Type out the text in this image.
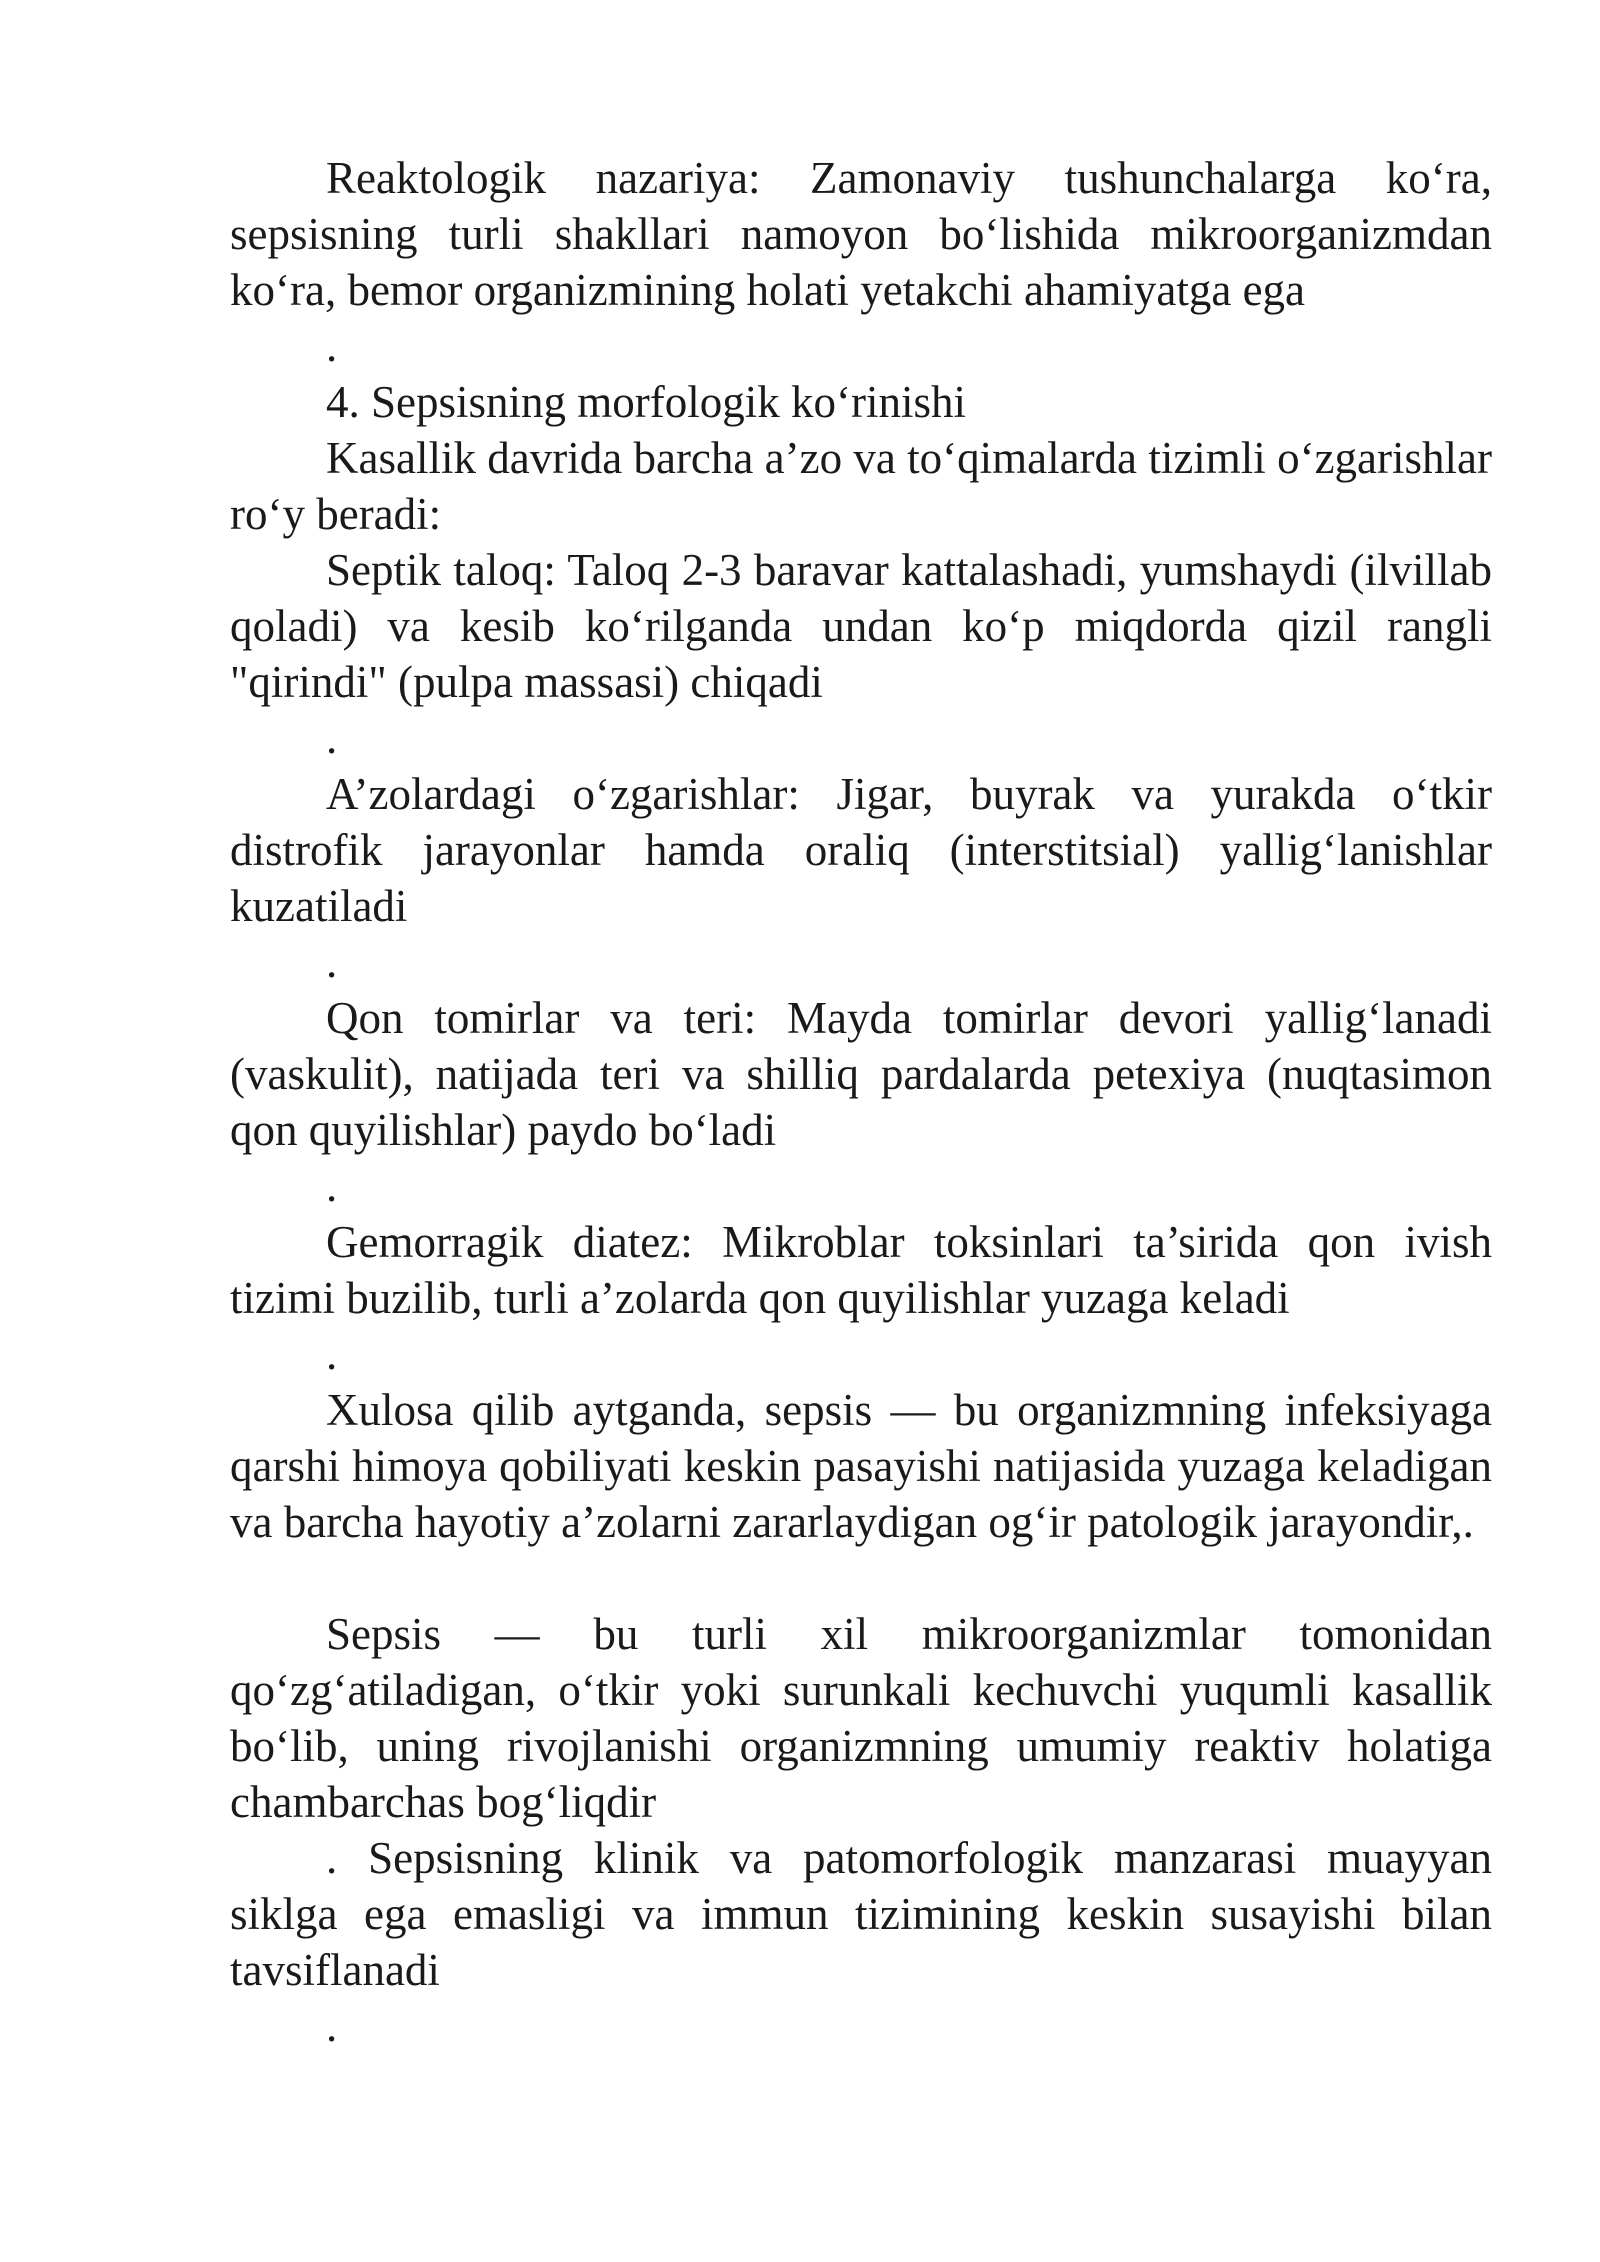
Reaktologik nazariya: Zamonaviy tushunchalarga ko‘ra, sepsisning turli shakllari namoyon bo‘lishida mikroorganizmdan ko‘ra, bemor organizmining holati yetakchi ahamiyatga ega

.

4. Sepsisning morfologik ko‘rinishi

Kasallik davrida barcha a’zo va to‘qimalarda tizimli o‘zgarishlar ro‘y beradi:

Septik taloq: Taloq 2-3 baravar kattalashadi, yumshaydi (ilvillab qoladi) va kesib ko‘rilganda undan ko‘p miqdorda qizil rangli "qirindi" (pulpa massasi) chiqadi

.

A’zolardagi o‘zgarishlar: Jigar, buyrak va yurakda o‘tkir distrofik jarayonlar hamda oraliq (interstitsial) yallig‘lanishlar kuzatiladi

.

Qon tomirlar va teri: Mayda tomirlar devori yallig‘lanadi (vaskulit), natijada teri va shilliq pardalarda petexiya (nuqtasimon qon quyilishlar) paydo bo‘ladi

.

Gemorragik diatez: Mikroblar toksinlari ta’sirida qon ivish tizimi buzilib, turli a’zolarda qon quyilishlar yuzaga keladi

.

Xulosa qilib aytganda, sepsis — bu organizmning infeksiyaga qarshi himoya qobiliyati keskin pasayishi natijasida yuzaga keladigan va barcha hayotiy a’zolarni zararlaydigan og‘ir patologik jarayondir,.

Sepsis — bu turli xil mikroorganizmlar tomonidan qo‘zg‘atiladigan, o‘tkir yoki surunkali kechuvchi yuqumli kasallik bo‘lib, uning rivojlanishi organizmning umumiy reaktiv holatiga chambarchas bog‘liqdir

. Sepsisning klinik va patomorfologik manzarasi muayyan siklga ega emasligi va immun tizimining keskin susayishi bilan tavsiflanadi

.
